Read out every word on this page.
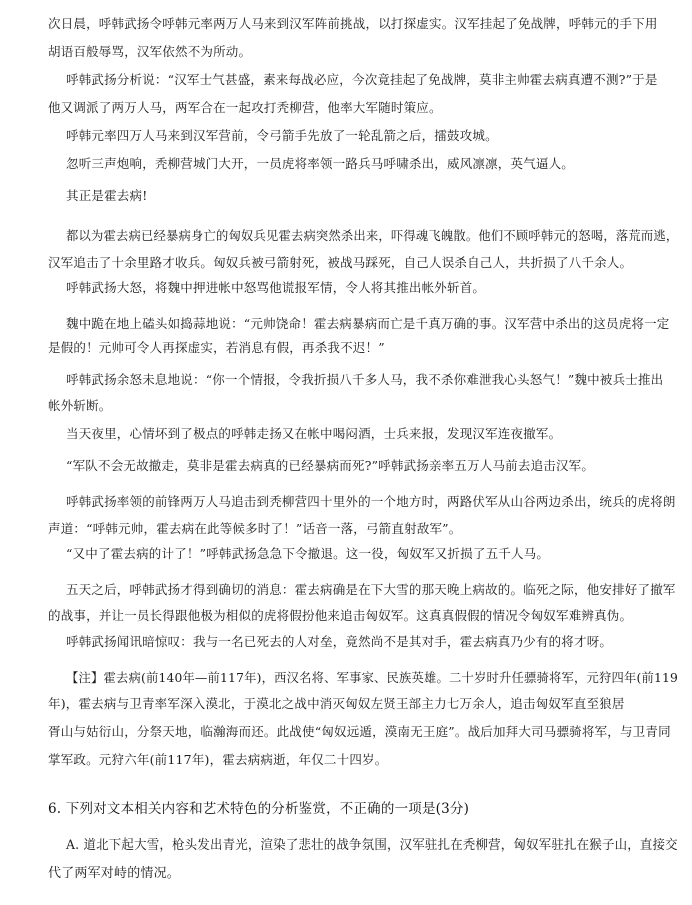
次日晨，呼韩武扬令呼韩元率两万人马来到汉军阵前挑战，以打探虚实。汉军挂起了免战牌，呼韩元的手下用
胡语百般辱骂，汉军依然不为所动。
呼韩武扬分析说：“汉军士气甚盛，素来每战必应，今次竟挂起了免战牌，莫非主帅霍去病真遭不测?”于是
他又调派了两万人马，两军合在一起攻打秃柳营，他率大军随时策应。
呼韩元率四万人马来到汉军营前，令弓箭手先放了一轮乱箭之后，擂鼓攻城。
忽听三声炮响，秃柳营城门大开，一员虎将率领一路兵马呼啸杀出，威风凛凛，英气逼人。
其正是霍去病!
都以为霍去病已经暴病身亡的匈奴兵见霍去病突然杀出来，吓得魂飞魄散。他们不顾呼韩元的怒喝，落荒而逃，
汉军追击了十余里路才收兵。匈奴兵被弓箭射死，被战马踩死，自己人误杀自己人，共折损了八千余人。
呼韩武扬大怒，将魏中押进帐中怒骂他谎报军情，令人将其推出帐外斩首。
魏中跪在地上磕头如捣蒜地说：“元帅饶命！霍去病暴病而亡是千真万确的事。汉军营中杀出的这员虎将一定
是假的！元帅可令人再探虚实，若消息有假，再杀我不迟！”
呼韩武扬余怒未息地说：“你一个情报，令我折损八千多人马，我不杀你难泄我心头怒气！”魏中被兵士推出
帐外斩断。
当天夜里，心情坏到了极点的呼韩走扬又在帐中喝闷酒，士兵来报，发现汉军连夜撤军。
“军队不会无故撤走，莫非是霍去病真的已经暴病而死?”呼韩武扬亲率五万人马前去追击汉军。
呼韩武扬率领的前锋两万人马追击到秃柳营四十里外的一个地方时，两路伏军从山谷两边杀出，统兵的虎将朗
声道：“呼韩元帅，霍去病在此等候多时了！”话音一落，弓箭直射敌军”。
“又中了霍去病的计了！”呼韩武扬急急下令撤退。这一役，匈奴军又折损了五千人马。
五天之后，呼韩武扬才得到确切的消息：霍去病确是在下大雪的那天晚上病故的。临死之际，他安排好了撤军
的战事，并让一员长得跟他极为相似的虎将假扮他来追击匈奴军。这真真假假的情况令匈奴军难辨真伪。
呼韩武扬闻讯暗惊叹：我与一名已死去的人对垒，竟然尚不是其对手，霍去病真乃少有的将才呀。
【注】霍去病(前140年—前117年)，西汉名将、军事家、民族英雄。二十岁时升任骠骑将军，元狩四年(前119
年)，霍去病与卫青率军深入漠北，于漠北之战中消灭匈奴左贤王部主力七万余人，追击匈奴军直至狼居
胥山与姑衍山，分祭天地，临瀚海而还。此战使“匈奴远遁，漠南无王庭”。战后加拜大司马骠骑将军，与卫青同
掌军政。元狩六年(前117年)，霍去病病逝，年仅二十四岁。
6. 下列对文本相关内容和艺术特色的分析鉴赏，不正确的一项是(3分)
A. 道北下起大雪，枪头发出青光，渲染了悲壮的战争氛围，汉军驻扎在秃柳营，匈奴军驻扎在猴子山，直接交
代了两军对峙的情况。
